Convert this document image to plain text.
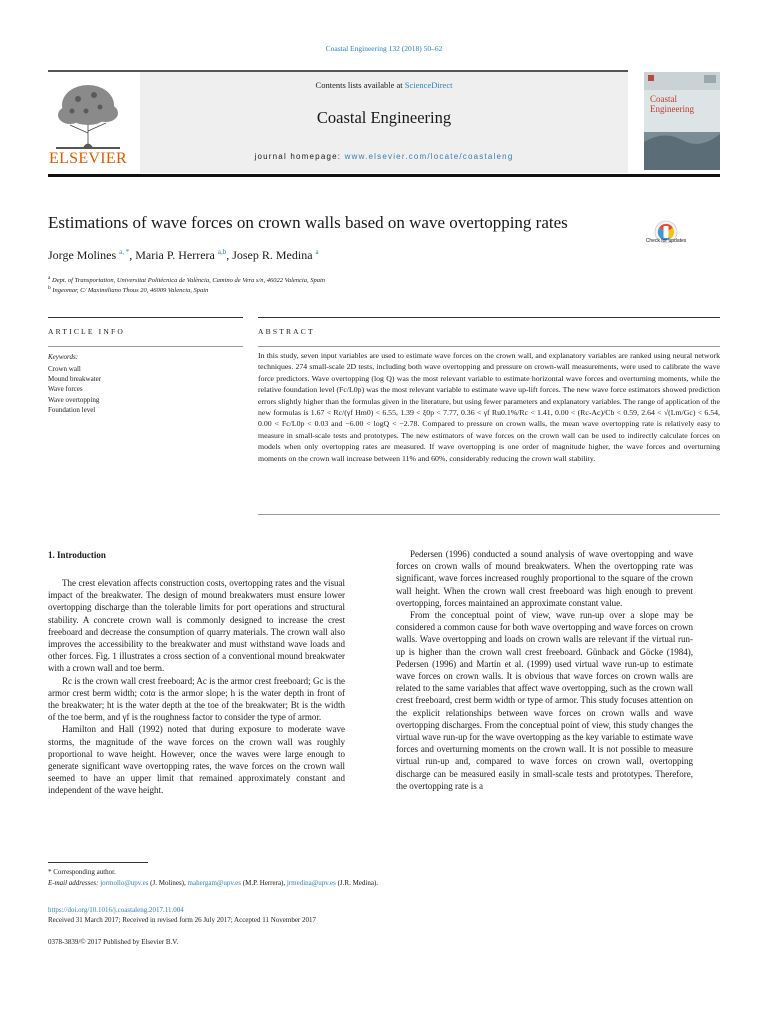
Coastal Engineering 132 (2018) 50–62
ELSEVIER
Contents lists available at ScienceDirect
Coastal Engineering
journal homepage: www.elsevier.com/locate/coastaleng
Coastal Engineering
Estimations of wave forces on crown walls based on wave overtopping rates
Check for updates
Jorge Molines $^{a, *}$, Maria P. Herrera $^{a,b}$, Josep R. Medina $^a$
$^a$ Dept. of Transportation, Universitat Politècnica de València, Camino de Vera s/n, 46022 Valencia, Spain
$^b$ Ingeomar, C/ Maximiliano Thous 20, 46009 Valencia, Spain
ARTICLE INFO	ABSTRACT
Keywords:
Crown wall
Mound breakwater
Wave forces
Wave overtopping
Foundation level
In this study, seven input variables are used to estimate wave forces on the crown wall, and explanatory variables are ranked using neural network techniques. 274 small-scale 2D tests, including both wave overtopping and pressure on crown-wall measurements, were used to calibrate the wave force predictors. Wave overtopping (log Q) was the most relevant variable to estimate horizontal wave forces and overturning moments, while the relative foundation level (Fc/L0p) was the most relevant variable to estimate wave up-lift forces. The new wave force estimators showed prediction errors slightly higher than the formulas given in the literature, but using fewer parameters and explanatory variables. The range of application of the new formulas is 1.67 < Rc/(γf Hm0) < 6.55, 1.39 < ξ0p < 7.77, 0.36 < γf Ru0.1%/Rc < 1.41, 0.00 < (Rc-Ac)/Cb < 0.59, 2.64 < √(Lm/Gc) < 6.54, 0.00 < Fc/L0p < 0.03 and −6.00 < logQ < −2.78. Compared to pressure on crown walls, the mean wave overtopping rate is relatively easy to measure in small-scale tests and prototypes. The new estimators of wave forces on the crown wall can be used to indirectly calculate forces on models when only overtopping rates are measured. If wave overtopping is one order of magnitude higher, the wave forces and overturning moments on the crown wall increase between 11% and 60%, considerably reducing the crown wall stability.
1. Introduction

The crest elevation affects construction costs, overtopping rates and the visual impact of the breakwater. The design of mound breakwaters must ensure lower overtopping discharge than the tolerable limits for port operations and structural stability. A concrete crown wall is commonly designed to increase the crest freeboard and decrease the consumption of quarry materials. The crown wall also improves the accessibility to the breakwater and must withstand wave loads and other forces. Fig. 1 illustrates a cross section of a conventional mound breakwater with a crown wall and toe berm.

Rc is the crown wall crest freeboard; Ac is the armor crest freeboard; Gc is the armor crest berm width; cotα is the armor slope; h is the water depth in front of the breakwater; ht is the water depth at the toe of the breakwater; Bt is the width of the toe berm, and γf is the roughness factor to consider the type of armor.

Hamilton and Hall (1992) noted that during exposure to moderate wave storms, the magnitude of the wave forces on the crown wall was roughly proportional to wave height. However, once the waves were large enough to generate significant wave overtopping rates, the wave forces on the crown wall seemed to have an upper limit that remained approximately constant and independent of the wave height.

Pedersen (1996) conducted a sound analysis of wave overtopping and wave forces on crown walls of mound breakwaters. When the overtopping rate was significant, wave forces increased roughly proportional to the square of the crown wall height. When the crown wall crest freeboard was high enough to prevent overtopping, forces maintained an approximate constant value.

From the conceptual point of view, wave run-up over a slope may be considered a common cause for both wave overtopping and wave forces on crown walls. Wave overtopping and loads on crown walls are relevant if the virtual run-up is higher than the crown wall crest freeboard. Günback and Göcke (1984), Pedersen (1996) and Martín et al. (1999) used virtual wave run-up to estimate wave forces on crown walls. It is obvious that wave forces on crown walls are related to the same variables that affect wave overtopping, such as the crown wall crest freeboard, crest berm width or type of armor. This study focuses attention on the explicit relationships between wave forces on crown walls and wave overtopping discharges. From the conceptual point of view, this study changes the virtual wave run-up for the wave overtopping as the key variable to estimate wave forces and overturning moments on the crown wall. It is not possible to measure virtual run-up and, compared to wave forces on crown wall, overtopping discharge can be measured easily in small-scale tests and prototypes. Therefore, the overtopping rate is a

* Corresponding author.
E-mail addresses: jormollo@upv.es (J. Molines), mahergam@upv.es (M.P. Herrera), jrmedina@upv.es (J.R. Medina).
https://doi.org/10.1016/j.coastaleng.2017.11.004
Received 31 March 2017; Received in revised form 26 July 2017; Accepted 11 November 2017
0378-3839/© 2017 Published by Elsevier B.V.
